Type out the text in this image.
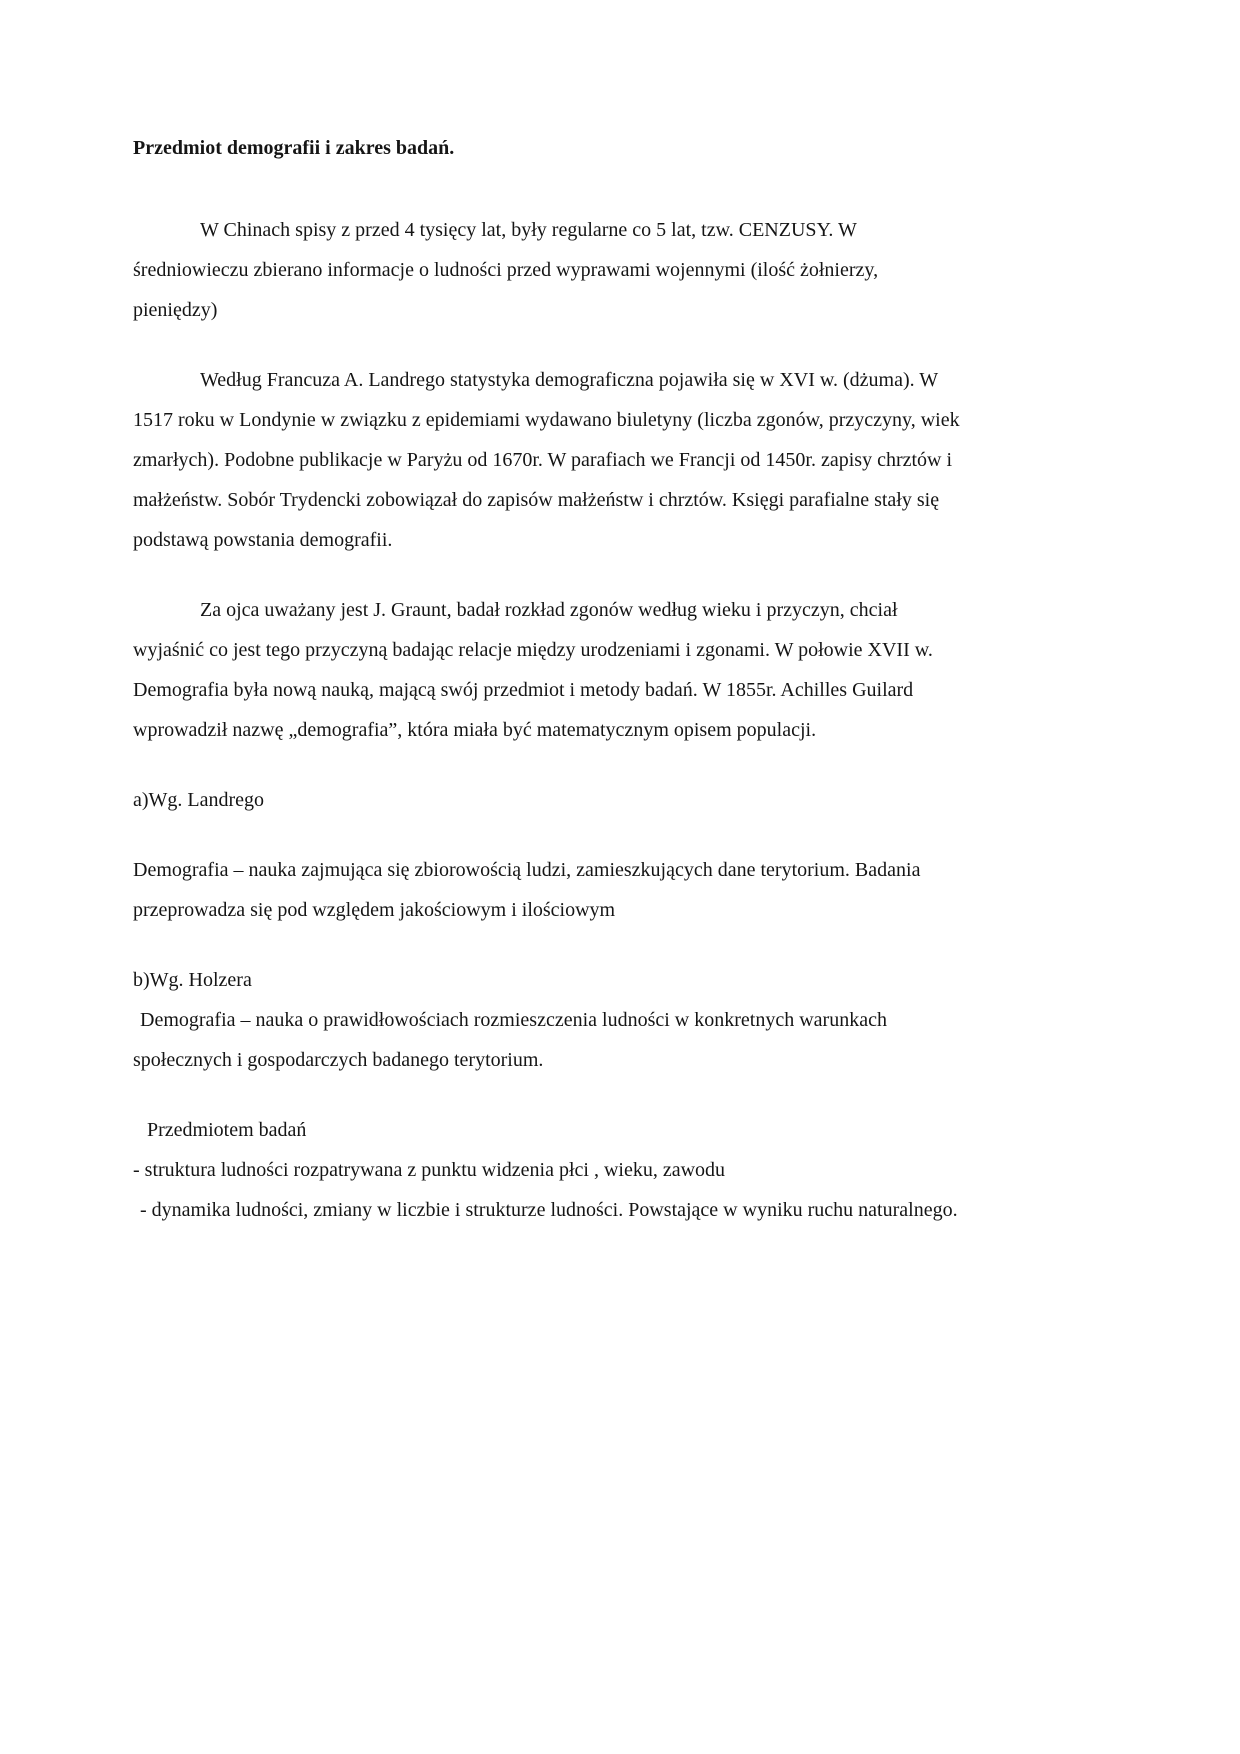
Przedmiot demografii i zakres badań.

W Chinach spisy z przed 4 tysięcy lat, były regularne co 5 lat, tzw. CENZUSY. W średniowieczu zbierano informacje o ludności przed wyprawami wojennymi (ilość żołnierzy, pieniędzy)

Według Francuza A. Landrego statystyka demograficzna pojawiła się w XVI w. (dżuma). W 1517 roku w Londynie w związku z epidemiami wydawano biuletyny (liczba zgonów, przyczyny, wiek zmarłych). Podobne publikacje w Paryżu od 1670r. W parafiach we Francji od 1450r. zapisy chrztów i małżeństw. Sobór Trydencki zobowiązał do zapisów małżeństw i chrztów. Księgi parafialne stały się podstawą powstania demografii.

Za ojca uważany jest J. Graunt, badał rozkład zgonów według wieku i przyczyn, chciał wyjaśnić co jest tego przyczyną badając relacje między urodzeniami i zgonami. W połowie XVII w. Demografia była nową nauką, mającą swój przedmiot i metody badań. W 1855r. Achilles Guilard wprowadził nazwę „demografia”, która miała być matematycznym opisem populacji.

a)Wg. Landrego

Demografia – nauka zajmująca się zbiorowością ludzi, zamieszkujących dane terytorium. Badania przeprowadza się pod względem jakościowym i ilościowym

b)Wg. Holzera

Demografia – nauka o prawidłowościach rozmieszczenia ludności w konkretnych warunkach społecznych i gospodarczych badanego terytorium.

Przedmiotem badań

- struktura ludności rozpatrywana z punktu widzenia płci , wieku, zawodu

- dynamika ludności, zmiany w liczbie i strukturze ludności. Powstające w wyniku ruchu naturalnego.
